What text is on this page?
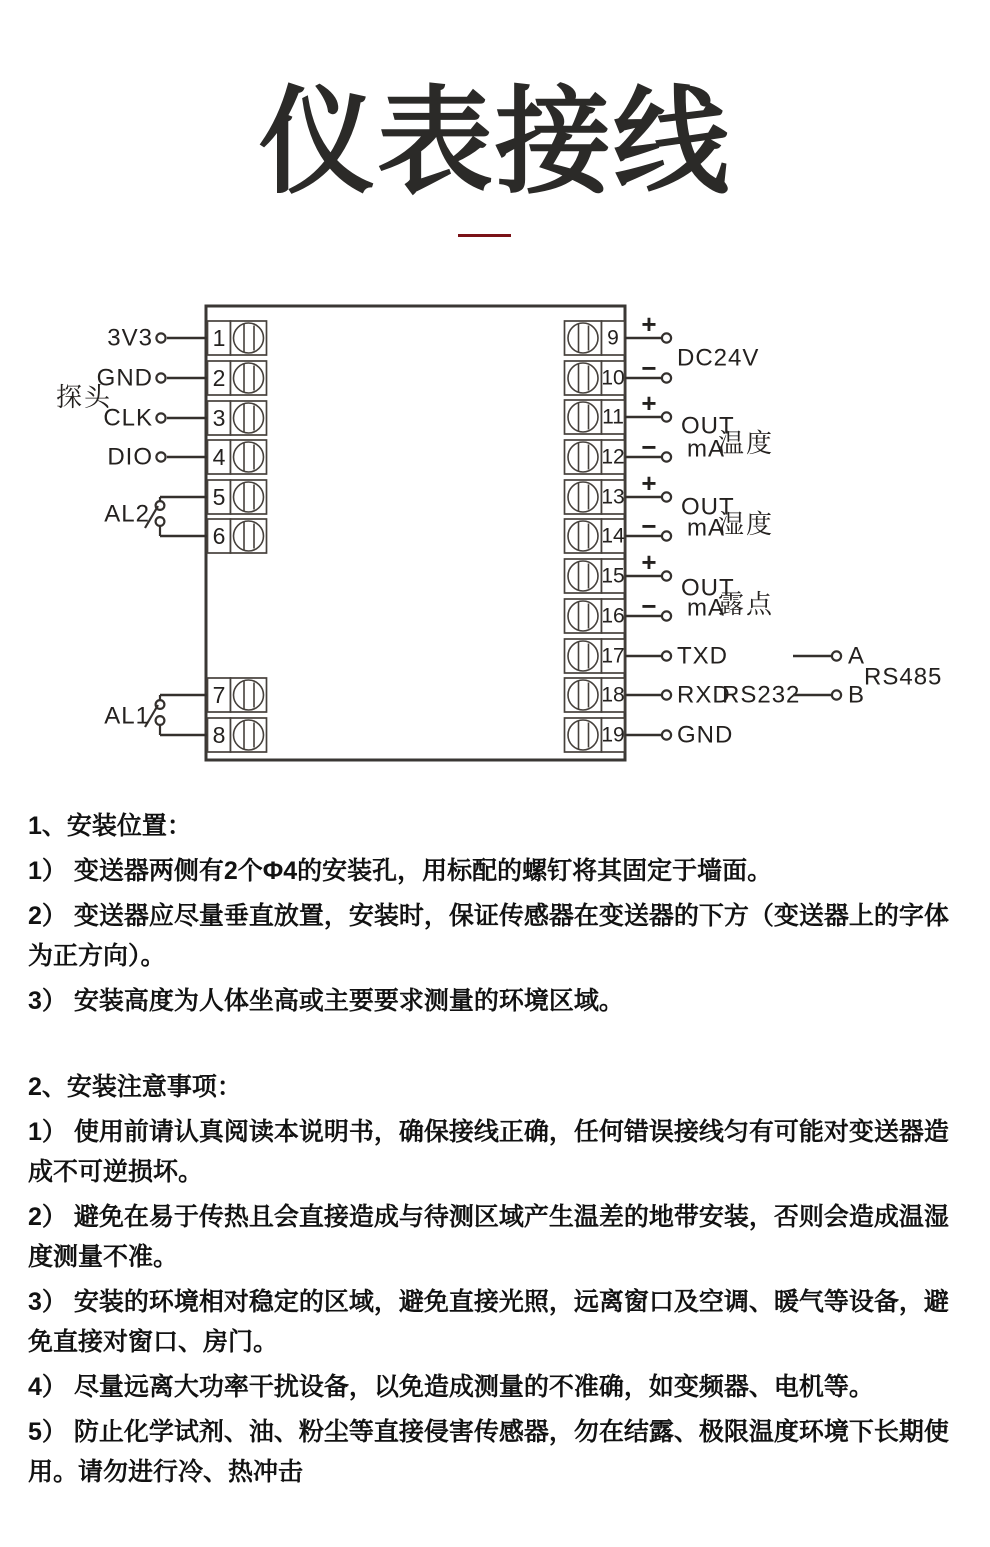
仪表接线
1
2
3
4
5
6
7
8
9
10
11
12
13
14
15
16
17
18
19
3V3
GND
CLK
DIO
探头
AL2
AL1
+
−
+
−
+
−
+
−
DC24V
OUT
mA
温度
OUT
mA
湿度
OUT
mA
露点
TXD
RXD
RS232
GND
A
B
RS485

1、安装位置：

1） 变送器两侧有2个Φ4的安装孔，用标配的螺钉将其固定于墙面。

2） 变送器应尽量垂直放置，安装时，保证传感器在变送器的下方（变送器上的字体为正方向）。

3） 安装高度为人体坐高或主要要求测量的环境区域。

2、安装注意事项：

1） 使用前请认真阅读本说明书，确保接线正确，任何错误接线匀有可能对变送器造成不可逆损坏。

2） 避免在易于传热且会直接造成与待测区域产生温差的地带安装，否则会造成温湿度测量不准。

3） 安装的环境相对稳定的区域，避免直接光照，远离窗口及空调、暖气等设备，避免直接对窗口、房门。

4） 尽量远离大功率干扰设备，以免造成测量的不准确，如变频器、电机等。

5） 防止化学试剂、油、粉尘等直接侵害传感器，勿在结露、极限温度环境下长期使用。请勿进行冷、热冲击
